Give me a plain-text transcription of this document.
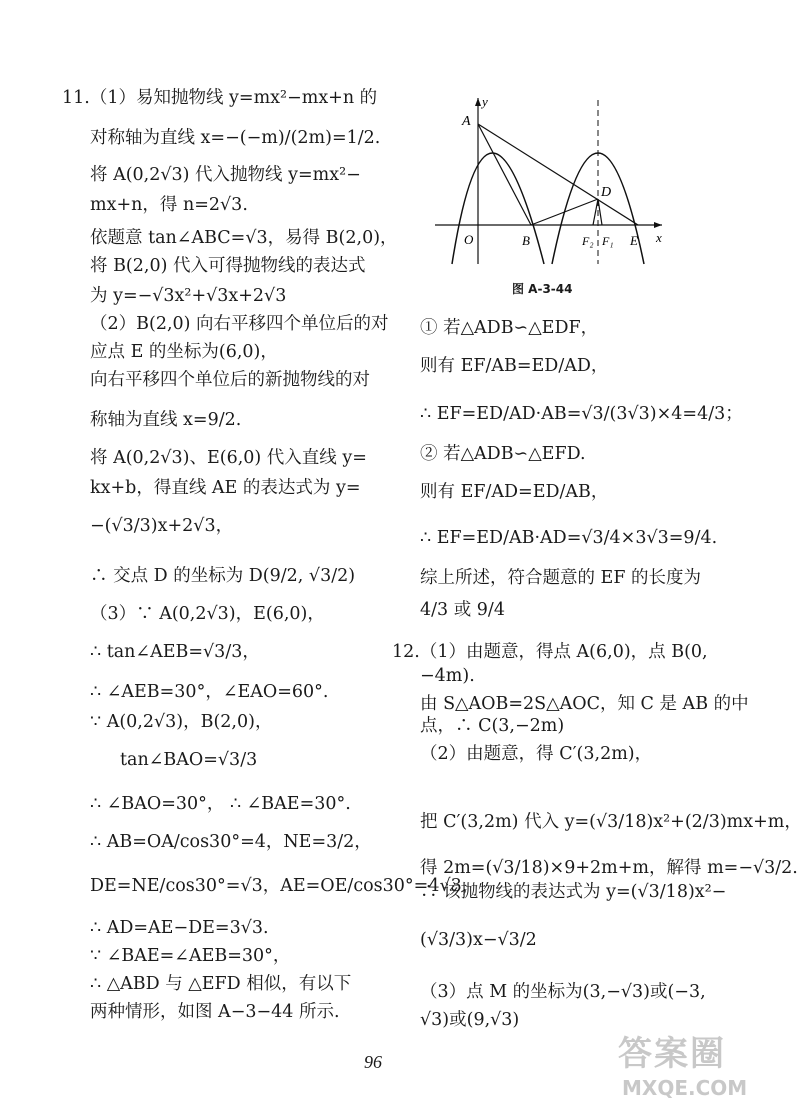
11.（1）易知抛物线 y=mx²−mx+n 的
对称轴为直线 x=−(−m)/(2m)=1/2.
将 A(0,2√3) 代入抛物线 y=mx²−
mx+n，得 n=2√3.
依题意 tan∠ABC=√3，易得 B(2,0)，
将 B(2,0) 代入可得抛物线的表达式
为 y=−√3x²+√3x+2√3
（2）B(2,0) 向右平移四个单位后的对
应点 E 的坐标为(6,0)，
向右平移四个单位后的新抛物线的对
称轴为直线 x=9/2.
将 A(0,2√3)、E(6,0) 代入直线 y=
kx+b，得直线 AE 的表达式为 y=
−(√3/3)x+2√3，
∴ 交点 D 的坐标为 D(9/2, √3/2)
（3）∵ A(0,2√3)，E(6,0)，
∴ tan∠AEB=√3/3，
∴ ∠AEB=30°，∠EAO=60°.
∵ A(0,2√3)，B(2,0)，
tan∠BAO=√3/3
∴ ∠BAO=30°， ∴ ∠BAE=30°.
∴ AB=OA/cos30°=4，NE=3/2，
DE=NE/cos30°=√3，AE=OE/cos30°=4√3，
∴ AD=AE−DE=3√3.
∵ ∠BAE=∠AEB=30°，
∴ △ABD 与 △EFD 相似，有以下
两种情形，如图 A−3−44 所示.
y
x
A
O	B
D
F₂ F₁ E
图 A-3-44
① 若△ADB∽△EDF，
则有 EF/AB=ED/AD，
∴ EF=ED/AD·AB=√3/(3√3)×4=4/3；
② 若△ADB∽△EFD.
则有 EF/AD=ED/AB，
∴ EF=ED/AB·AD=√3/4×3√3=9/4.
综上所述，符合题意的 EF 的长度为
4/3 或 9/4
12.（1）由题意，得点 A(6,0)，点 B(0,
−4m).
由 S△AOB=2S△AOC，知 C 是 AB 的中
点，∴ C(3,−2m)
（2）由题意，得 C′(3,2m)，
把 C′(3,2m) 代入 y=(√3/18)x²+(2/3)mx+m，
得 2m=(√3/18)×9+2m+m，解得 m=−√3/2.
∴ 该抛物线的表达式为 y=(√3/18)x²−
(√3/3)x−√3/2
（3）点 M 的坐标为(3,−√3)或(−3,
√3)或(9,√3)
96	答案圈
MXQE.COM
